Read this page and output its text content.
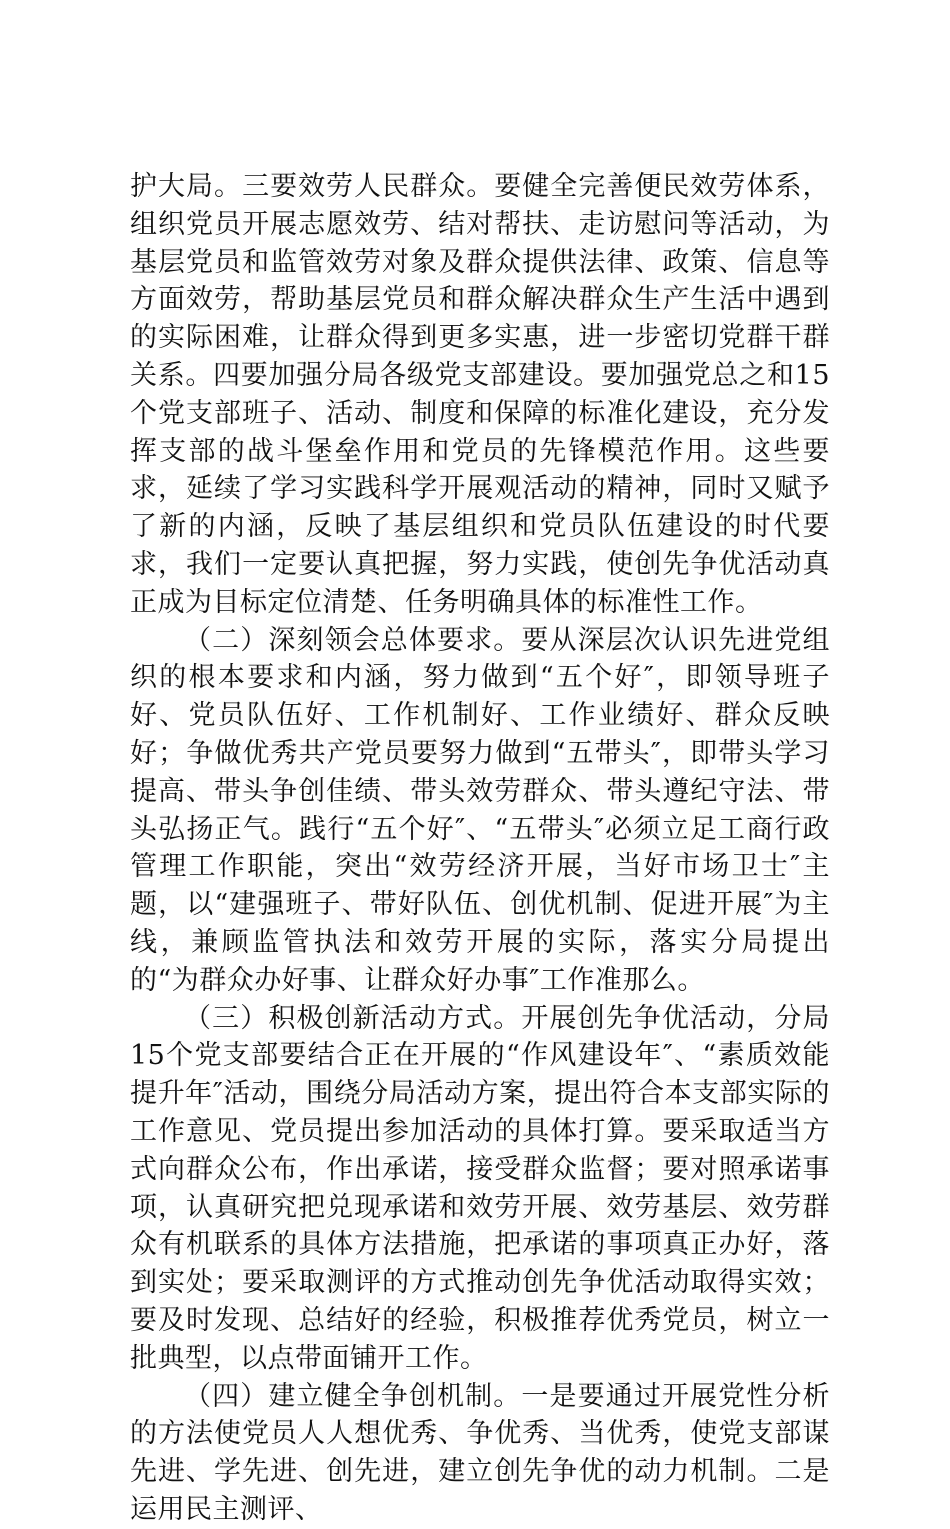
护大局。三要效劳人民群众。要健全完善便民效劳体系，组织党员开展志愿效劳、结对帮扶、走访慰问等活动，为基层党员和监管效劳对象及群众提供法律、政策、信息等方面效劳，帮助基层党员和群众解决群众生产生活中遇到的实际困难，让群众得到更多实惠，进一步密切党群干群关系。四要加强分局各级党支部建设。要加强党总之和15个党支部班子、活动、制度和保障的标准化建设，充分发挥支部的战斗堡垒作用和党员的先锋模范作用。这些要求，延续了学习实践科学开展观活动的精神，同时又赋予了新的内涵，反映了基层组织和党员队伍建设的时代要求，我们一定要认真把握，努力实践，使创先争优活动真正成为目标定位清楚、任务明确具体的标准性工作。

（二）深刻领会总体要求。要从深层次认识先进党组织的根本要求和内涵，努力做到“五个好″，即领导班子好、党员队伍好、工作机制好、工作业绩好、群众反映好；争做优秀共产党员要努力做到“五带头″，即带头学习提高、带头争创佳绩、带头效劳群众、带头遵纪守法、带头弘扬正气。践行“五个好″、“五带头″必须立足工商行政管理工作职能，突出“效劳经济开展，当好市场卫士″主题，以“建强班子、带好队伍、创优机制、促进开展″为主线，兼顾监管执法和效劳开展的实际，落实分局提出的“为群众办好事、让群众好办事″工作准那么。

（三）积极创新活动方式。开展创先争优活动，分局15个党支部要结合正在开展的“作风建设年″、“素质效能提升年″活动，围绕分局活动方案，提出符合本支部实际的工作意见、党员提出参加活动的具体打算。要采取适当方式向群众公布，作出承诺，接受群众监督；要对照承诺事项，认真研究把兑现承诺和效劳开展、效劳基层、效劳群众有机联系的具体方法措施，把承诺的事项真正办好，落到实处；要采取测评的方式推动创先争优活动取得实效；要及时发现、总结好的经验，积极推荐优秀党员，树立一批典型，以点带面铺开工作。

（四）建立健全争创机制。一是要通过开展党性分析的方法使党员人人想优秀、争优秀、当优秀，使党支部谋先进、学先进、创先进，建立创先争优的动力机制。二是运用民主测评、
